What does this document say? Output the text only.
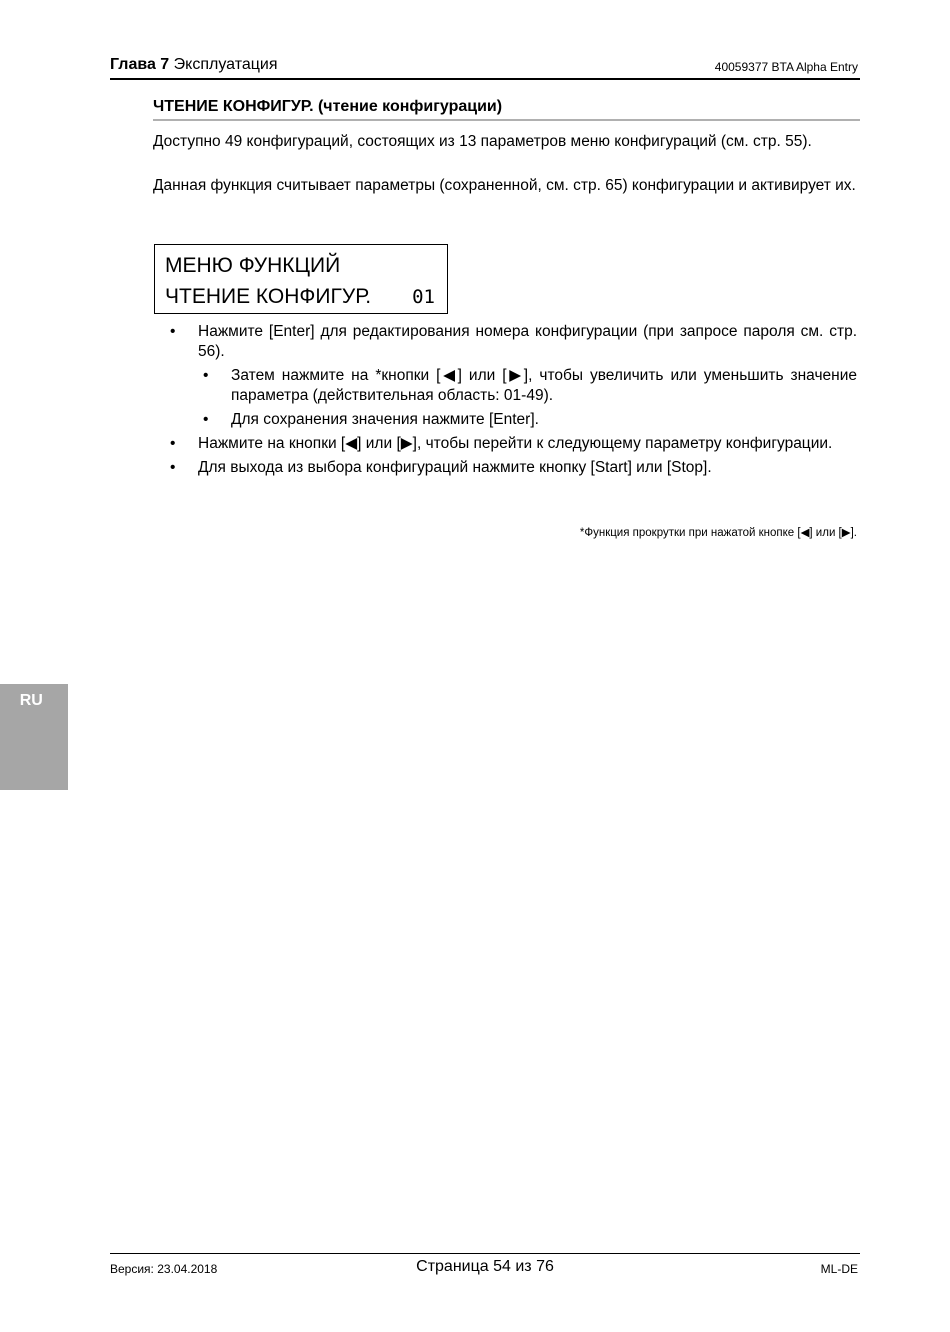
Глава 7 Эксплуатация	40059377 BTA Alpha Entry
ЧТЕНИЕ КОНФИГУР. (чтение конфигурации)
Доступно 49 конфигураций, состоящих из 13 параметров меню конфигураций (см. стр. 55).
Данная функция считывает параметры (сохраненной, см. стр. 65) конфигурации и активирует их.
МЕНЮ ФУНКЦИЙ
ЧТЕНИЕ КОНФИГУР. 01
• Нажмите [Enter] для редактирования номера конфигурации (при запросе пароля см. стр. 56).
• Затем нажмите на *кнопки [◀] или [▶], чтобы увеличить или уменьшить значение параметра (действительная область: 01-49).
• Для сохранения значения нажмите [Enter].
• Нажмите на кнопки [◀] или [▶], чтобы перейти к следующему параметру конфигурации.
• Для выхода из выбора конфигураций нажмите кнопку [Start] или [Stop].
*Функция прокрутки при нажатой кнопке [◀] или [▶].
RU
Версия: 23.04.2018	Страница 54 из 76	ML-DE
